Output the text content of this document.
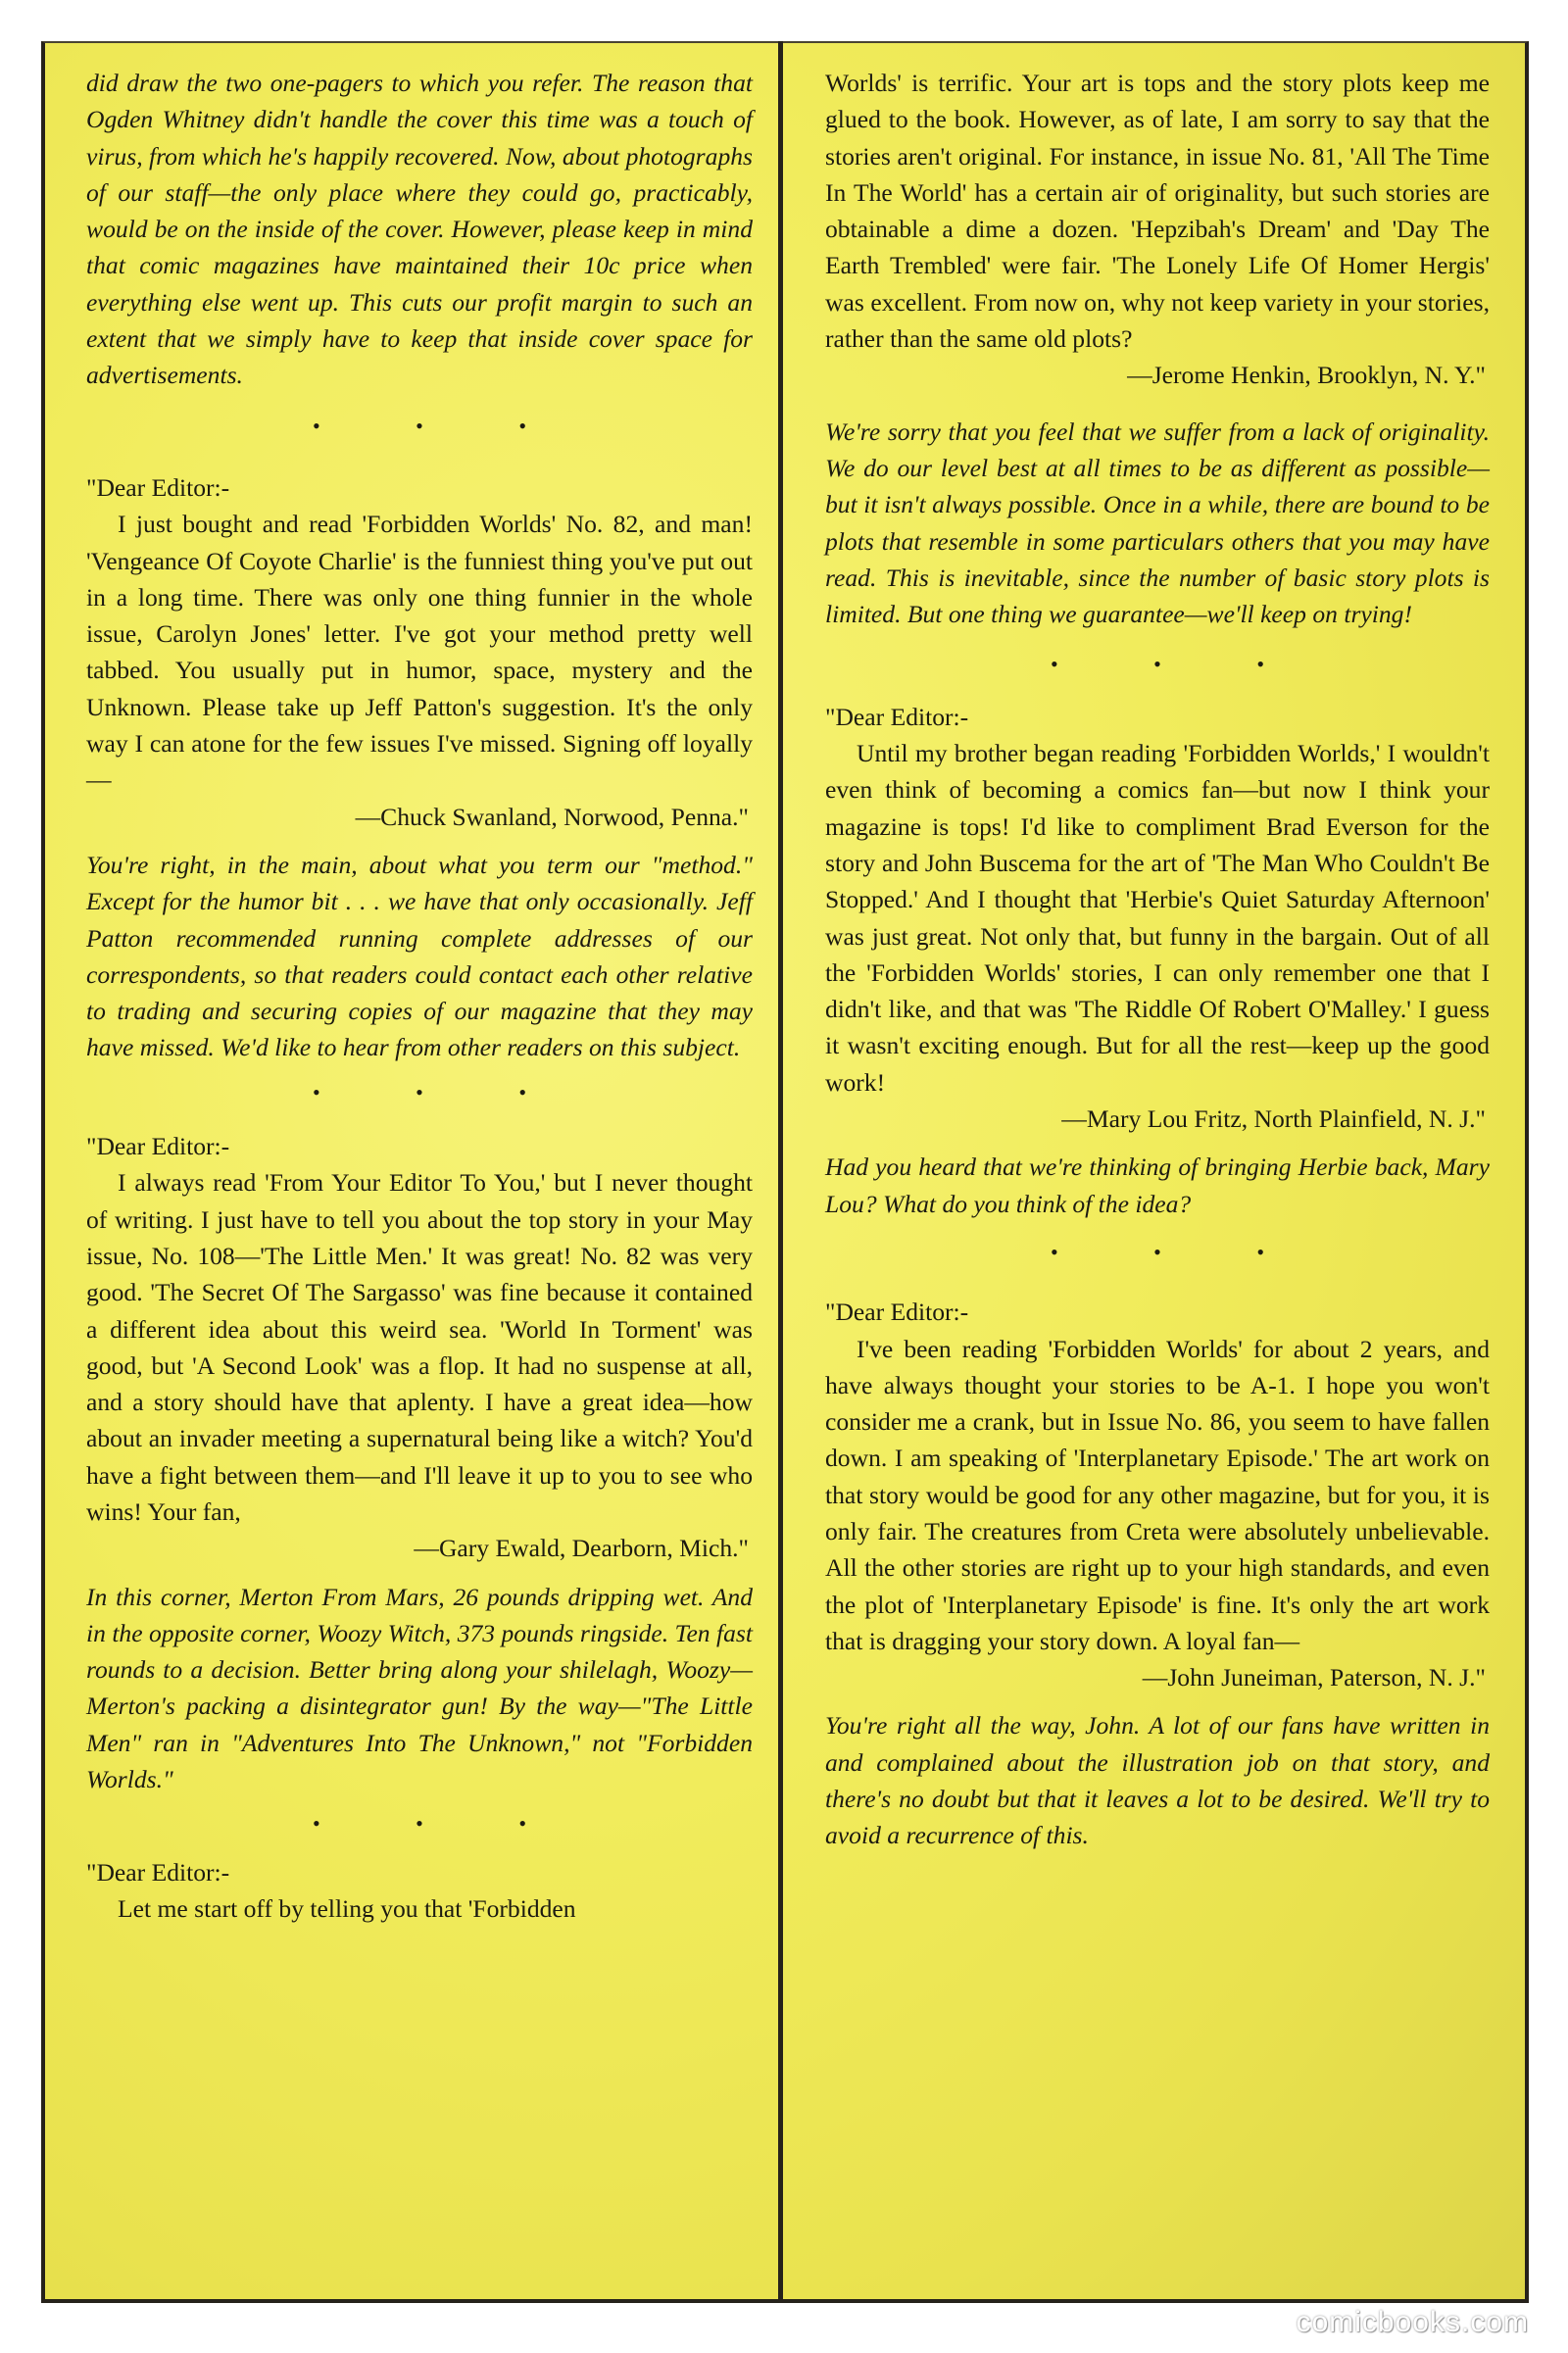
did draw the two one-pagers to which you refer. The reason that Ogden Whitney didn't handle the cover this time was a touch of virus, from which he's happily recovered. Now, about photographs of our staff—the only place where they could go, practicably, would be on the inside of the cover. However, please keep in mind that comic magazines have maintained their 10c price when everything else went up. This cuts our profit margin to such an extent that we simply have to keep that inside cover space for advertisements.

• • •

"Dear Editor:-

I just bought and read 'Forbidden Worlds' No. 82, and man! 'Vengeance Of Coyote Charlie' is the funniest thing you've put out in a long time. There was only one thing funnier in the whole issue, Carolyn Jones' letter. I've got your method pretty well tabbed. You usually put in humor, space, mystery and the Unknown. Please take up Jeff Patton's suggestion. It's the only way I can atone for the few issues I've missed. Signing off loyally—

—Chuck Swanland, Norwood, Penna."

You're right, in the main, about what you term our "method." Except for the humor bit . . . we have that only occasionally. Jeff Patton recommended running complete addresses of our correspondents, so that readers could contact each other relative to trading and securing copies of our magazine that they may have missed. We'd like to hear from other readers on this subject.

• • •

"Dear Editor:-

I always read 'From Your Editor To You,' but I never thought of writing. I just have to tell you about the top story in your May issue, No. 108—'The Little Men.' It was great! No. 82 was very good. 'The Secret Of The Sargasso' was fine because it contained a different idea about this weird sea. 'World In Torment' was good, but 'A Second Look' was a flop. It had no suspense at all, and a story should have that aplenty. I have a great idea—how about an invader meeting a supernatural being like a witch? You'd have a fight between them—and I'll leave it up to you to see who wins! Your fan,

—Gary Ewald, Dearborn, Mich."

In this corner, Merton From Mars, 26 pounds dripping wet. And in the opposite corner, Woozy Witch, 373 pounds ringside. Ten fast rounds to a decision. Better bring along your shilelagh, Woozy—Merton's packing a disintegrator gun! By the way—"The Little Men" ran in "Adventures Into The Unknown," not "Forbidden Worlds."

• • •

"Dear Editor:-

Let me start off by telling you that 'Forbidden

Worlds' is terrific. Your art is tops and the story plots keep me glued to the book. However, as of late, I am sorry to say that the stories aren't original. For instance, in issue No. 81, 'All The Time In The World' has a certain air of originality, but such stories are obtainable a dime a dozen. 'Hepzibah's Dream' and 'Day The Earth Trembled' were fair. 'The Lonely Life Of Homer Hergis' was excellent. From now on, why not keep variety in your stories, rather than the same old plots?

—Jerome Henkin, Brooklyn, N. Y."

We're sorry that you feel that we suffer from a lack of originality. We do our level best at all times to be as different as possible—but it isn't always possible. Once in a while, there are bound to be plots that resemble in some particulars others that you may have read. This is inevitable, since the number of basic story plots is limited. But one thing we guarantee—we'll keep on trying!

• • •

"Dear Editor:-

Until my brother began reading 'Forbidden Worlds,' I wouldn't even think of becoming a comics fan—but now I think your magazine is tops! I'd like to compliment Brad Everson for the story and John Buscema for the art of 'The Man Who Couldn't Be Stopped.' And I thought that 'Herbie's Quiet Saturday Afternoon' was just great. Not only that, but funny in the bargain. Out of all the 'Forbidden Worlds' stories, I can only remember one that I didn't like, and that was 'The Riddle Of Robert O'Malley.' I guess it wasn't exciting enough. But for all the rest—keep up the good work!

—Mary Lou Fritz, North Plainfield, N. J."

Had you heard that we're thinking of bringing Herbie back, Mary Lou? What do you think of the idea?

• • •

"Dear Editor:-

I've been reading 'Forbidden Worlds' for about 2 years, and have always thought your stories to be A-1. I hope you won't consider me a crank, but in Issue No. 86, you seem to have fallen down. I am speaking of 'Interplanetary Episode.' The art work on that story would be good for any other magazine, but for you, it is only fair. The creatures from Creta were absolutely unbelievable. All the other stories are right up to your high standards, and even the plot of 'Interplanetary Episode' is fine. It's only the art work that is dragging your story down. A loyal fan—

—John Juneiman, Paterson, N. J."

You're right all the way, John. A lot of our fans have written in and complained about the illustration job on that story, and there's no doubt but that it leaves a lot to be desired. We'll try to avoid a recurrence of this.

comicbooks.com
